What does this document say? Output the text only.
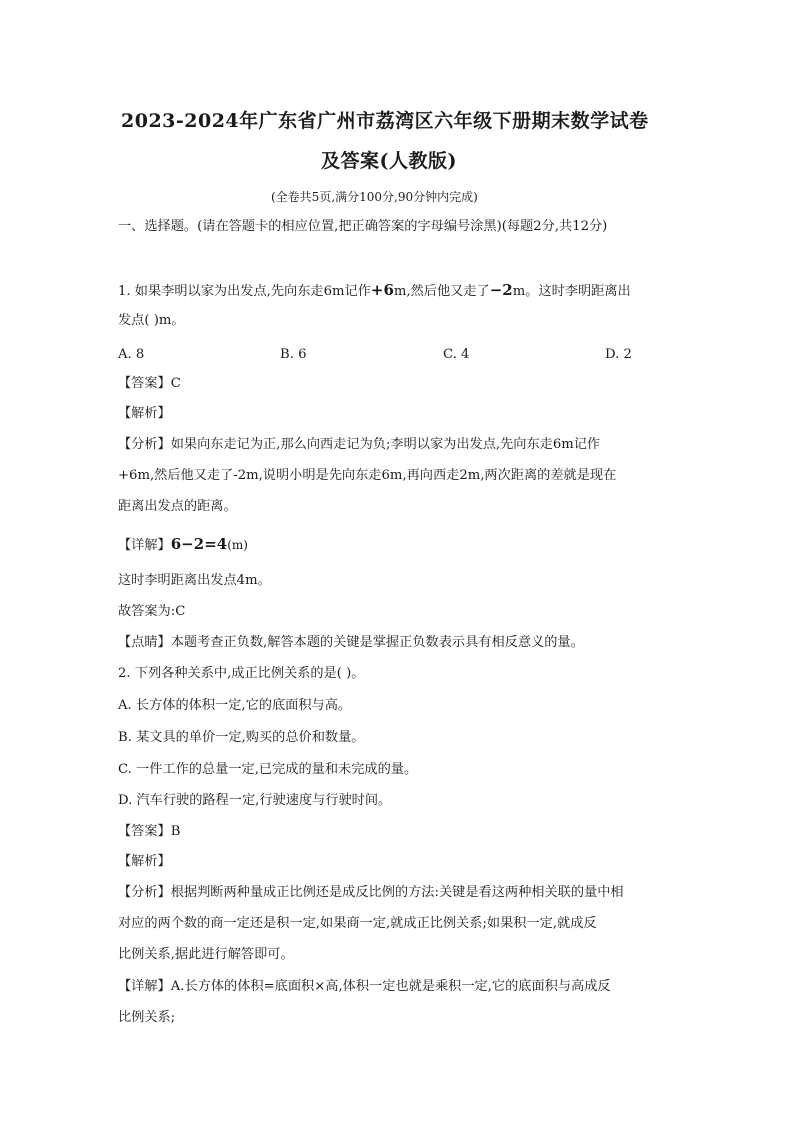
2023-2024年广东省广州市荔湾区六年级下册期末数学试卷
及答案(人教版)
(全卷共5页,满分100分,90分钟内完成)
一、选择题。(请在答题卡的相应位置,把正确答案的字母编号涂黑)(每题2分,共12分)
1. 如果李明以家为出发点,先向东走6m记作+6m,然后他又走了−2m。这时李明距离出
发点( )m。
A. 8	B. 6	C. 4	D. 2
【答案】C
【解析】
【分析】如果向东走记为正,那么向西走记为负;李明以家为出发点,先向东走6m记作
+6m,然后他又走了-2m,说明小明是先向东走6m,再向西走2m,两次距离的差就是现在
距离出发点的距离。
【详解】6−2=4(m)
这时李明距离出发点4m。
故答案为:C
【点睛】本题考查正负数,解答本题的关键是掌握正负数表示具有相反意义的量。
2. 下列各种关系中,成正比例关系的是( )。
A. 长方体的体积一定,它的底面积与高。
B. 某文具的单价一定,购买的总价和数量。
C. 一件工作的总量一定,已完成的量和未完成的量。
D. 汽车行驶的路程一定,行驶速度与行驶时间。
【答案】B
【解析】
【分析】根据判断两种量成正比例还是成反比例的方法:关键是看这两种相关联的量中相
对应的两个数的商一定还是积一定,如果商一定,就成正比例关系;如果积一定,就成反
比例关系,据此进行解答即可。
【详解】A.长方体的体积=底面积×高,体积一定也就是乘积一定,它的底面积与高成反
比例关系;
